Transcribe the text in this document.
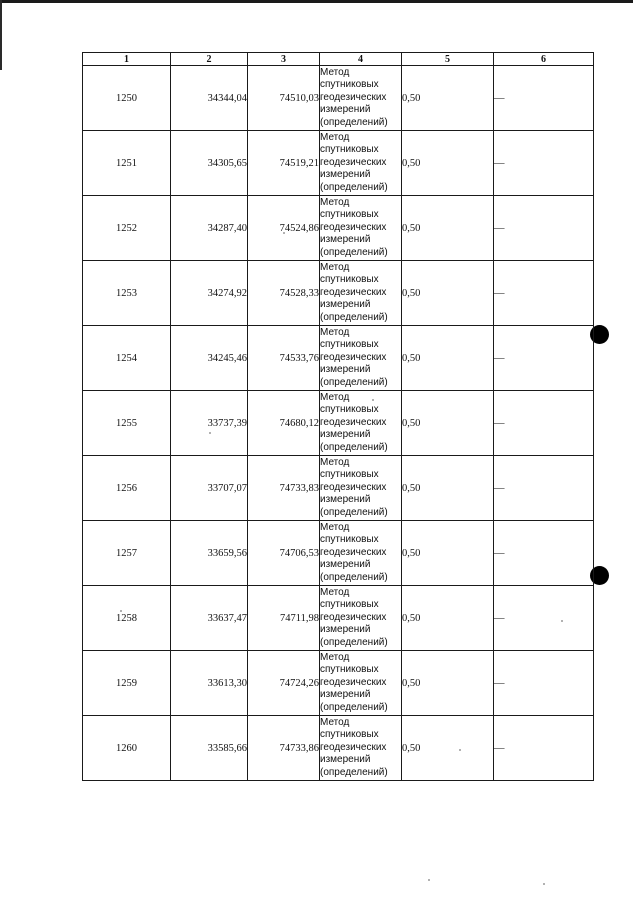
1	2	3	4	5	6
1250	34344,04	74510,03	Метод
спутниковых
геодезических
измерений
(определений)	0,50	—
1251	34305,65	74519,21	Метод
спутниковых
геодезических
измерений
(определений)	0,50	—
1252	34287,40	74524,86	Метод
спутниковых
геодезических
измерений
(определений)	0,50	—
1253	34274,92	74528,33	Метод
спутниковых
геодезических
измерений
(определений)	0,50	—
1254	34245,46	74533,76	Метод
спутниковых
геодезических
измерений
(определений)	0,50	—
1255	33737,39	74680,12	Метод
спутниковых
геодезических
измерений
(определений)	0,50	—
1256	33707,07	74733,83	Метод
спутниковых
геодезических
измерений
(определений)	0,50	—
1257	33659,56	74706,53	Метод
спутниковых
геодезических
измерений
(определений)	0,50	—
1258	33637,47	74711,98	Метод
спутниковых
геодезических
измерений
(определений)	0,50	—
1259	33613,30	74724,26	Метод
спутниковых
геодезических
измерений
(определений)	0,50	—
1260	33585,66	74733,86	Метод
спутниковых
геодезических
измерений
(определений)	0,50	—
